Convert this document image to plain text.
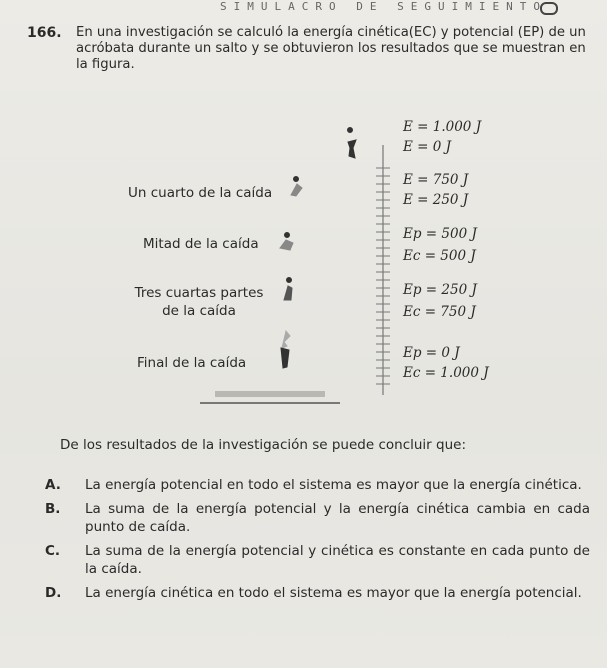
SIMULACRO DE SEGUIMIENTO
166. En una investigación se calculó la energía cinética(EC) y potencial (EP) de un acróbata durante un salto y se obtuvieron los resultados que se muestran en la figura.
Un cuarto de la caída
Mitad de la caída
Tres cuartas partes de la caída
Final de la caída
E = 1.000 J
E = 0 J
E = 750 J
E = 250 J
Ep = 500 J
Ec = 500 J
Ep = 250 J
Ec = 750 J
Ep = 0 J
Ec = 1.000 J
De los resultados de la investigación se puede concluir que:
A.	La energía potencial en todo el sistema es mayor que la energía cinética.
B.	La suma de la energía potencial y la energía cinética cambia en cada punto de caída.
C.	La suma de la energía potencial y cinética es constante en cada punto de la caída.
D.	La energía cinética en todo el sistema es mayor que la energía potencial.
